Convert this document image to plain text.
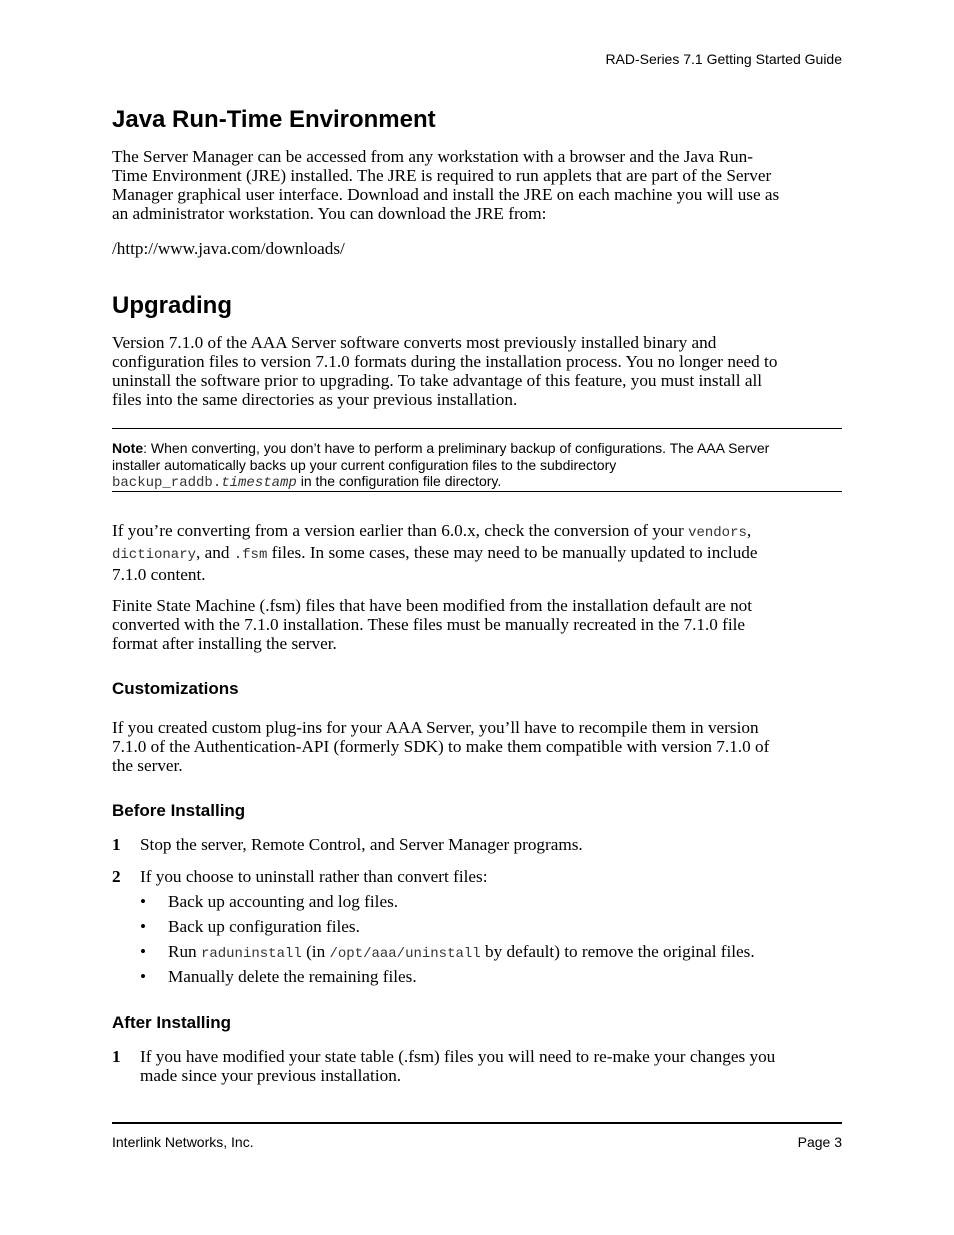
RAD-Series 7.1 Getting Started Guide
Java Run-Time Environment
The Server Manager can be accessed from any workstation with a browser and the Java Run-
Time Environment (JRE) installed. The JRE is required to run applets that are part of the Server
Manager graphical user interface. Download and install the JRE on each machine you will use as
an administrator workstation. You can download the JRE from:
/http://www.java.com/downloads/
Upgrading
Version 7.1.0 of the AAA Server software converts most previously installed binary and
configuration files to version 7.1.0 formats during the installation process. You no longer need to
uninstall the software prior to upgrading. To take advantage of this feature, you must install all
files into the same directories as your previous installation.
Note: When converting, you don’t have to perform a preliminary backup of configurations. The AAA Server
installer automatically backs up your current configuration files to the subdirectory
backup_raddb.timestamp in the configuration file directory.
If you’re converting from a version earlier than 6.0.x, check the conversion of your vendors,
dictionary, and .fsm files. In some cases, these may need to be manually updated to include
7.1.0 content.
Finite State Machine (.fsm) files that have been modified from the installation default are not
converted with the 7.1.0 installation. These files must be manually recreated in the 7.1.0 file
format after installing the server.
Customizations
If you created custom plug-ins for your AAA Server, you’ll have to recompile them in version
7.1.0 of the Authentication-API (formerly SDK) to make them compatible with version 7.1.0 of
the server.
Before Installing
1 Stop the server, Remote Control, and Server Manager programs.
2 If you choose to uninstall rather than convert files:
• Back up accounting and log files.
• Back up configuration files.
• Run raduninstall (in /opt/aaa/uninstall by default) to remove the original files.
• Manually delete the remaining files.
After Installing
1 If you have modified your state table (.fsm) files you will need to re-make your changes you
made since your previous installation.
Interlink Networks, Inc.	Page 3
